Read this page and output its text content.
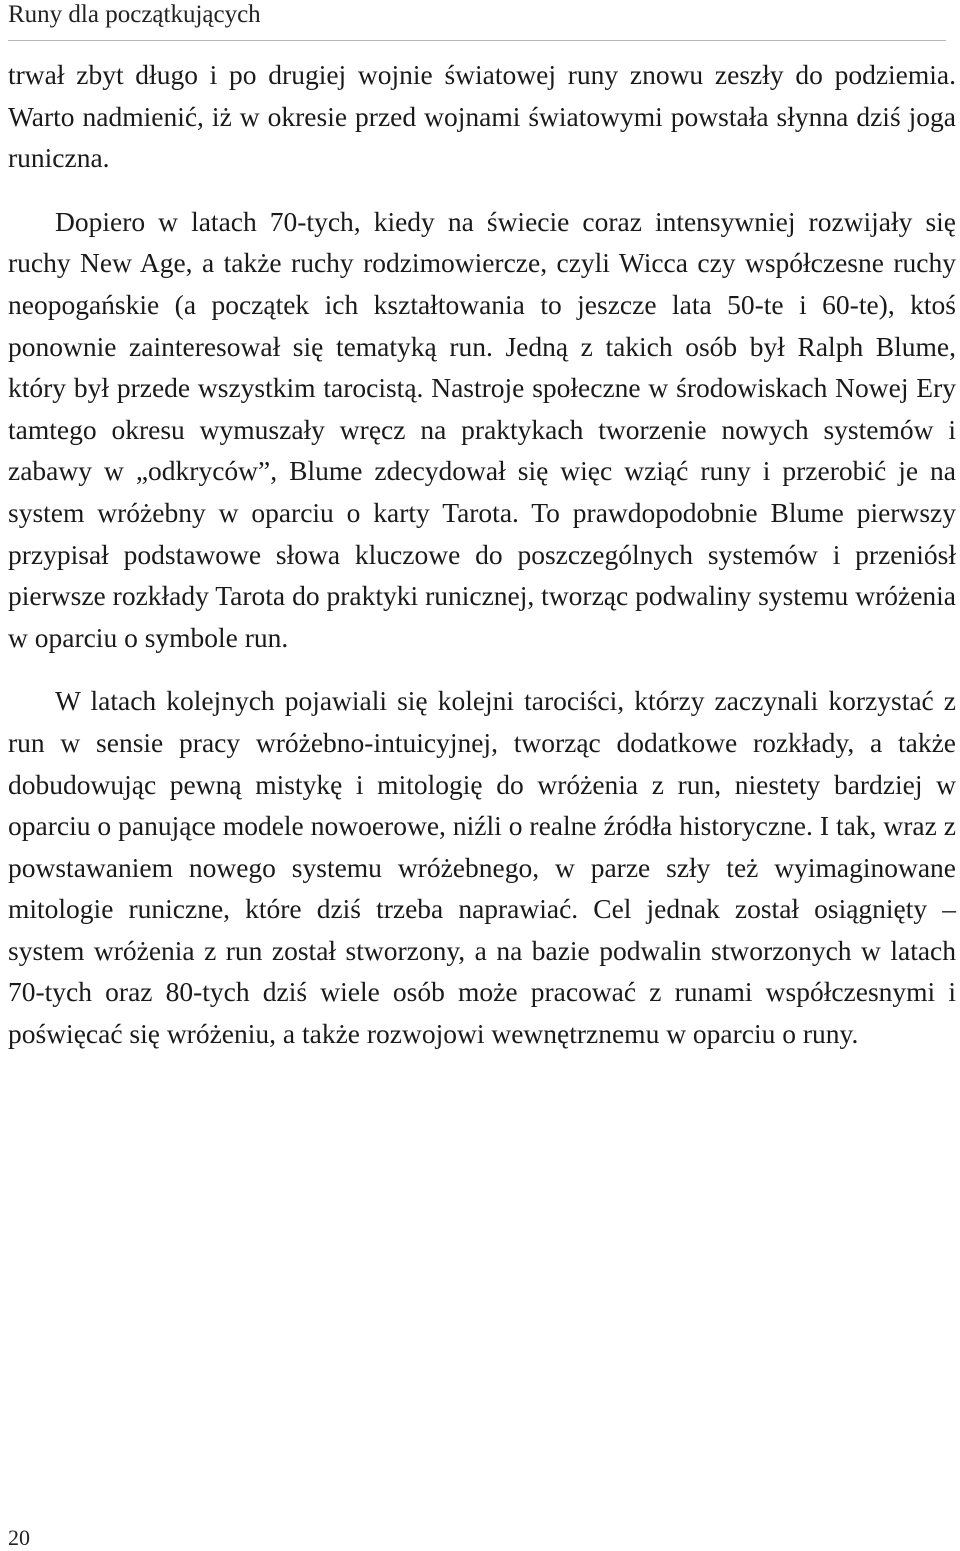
Runy dla początkujących

trwał zbyt długo i po drugiej wojnie światowej runy znowu zeszły do podziemia. Warto nadmienić, iż w okresie przed wojnami światowymi powstała słynna dziś joga runiczna.

Dopiero w latach 70-tych, kiedy na świecie coraz intensywniej rozwijały się ruchy New Age, a także ruchy rodzimowiercze, czyli Wicca czy współczesne ruchy neopogańskie (a początek ich kształtowania to jeszcze lata 50-te i 60-te), ktoś ponownie zainteresował się tematyką run. Jedną z takich osób był Ralph Blume, który był przede wszystkim tarocistą. Nastroje społeczne w środowiskach Nowej Ery tamtego okresu wymuszały wręcz na praktykach tworzenie nowych systemów i zabawy w „odkryców”, Blume zdecydował się więc wziąć runy i przerobić je na system wróżebny w oparciu o karty Tarota. To prawdopodobnie Blume pierwszy przypisał podstawowe słowa kluczowe do poszczególnych systemów i przeniósł pierwsze rozkłady Tarota do praktyki runicznej, tworząc podwaliny systemu wróżenia w oparciu o symbole run.

W latach kolejnych pojawiali się kolejni tarociści, którzy zaczynali korzystać z run w sensie pracy wróżebno-intuicyjnej, tworząc dodatkowe rozkłady, a także dobudowując pewną mistykę i mitologię do wróżenia z run, niestety bardziej w oparciu o panujące modele nowoerowe, niźli o realne źródła historyczne. I tak, wraz z powstawaniem nowego systemu wróżebnego, w parze szły też wyimaginowane mitologie runiczne, które dziś trzeba naprawiać. Cel jednak został osiągnięty – system wróżenia z run został stworzony, a na bazie podwalin stworzonych w latach 70-tych oraz 80-tych dziś wiele osób może pracować z runami współczesnymi i poświęcać się wróżeniu, a także rozwojowi wewnętrznemu w oparciu o runy.

20
